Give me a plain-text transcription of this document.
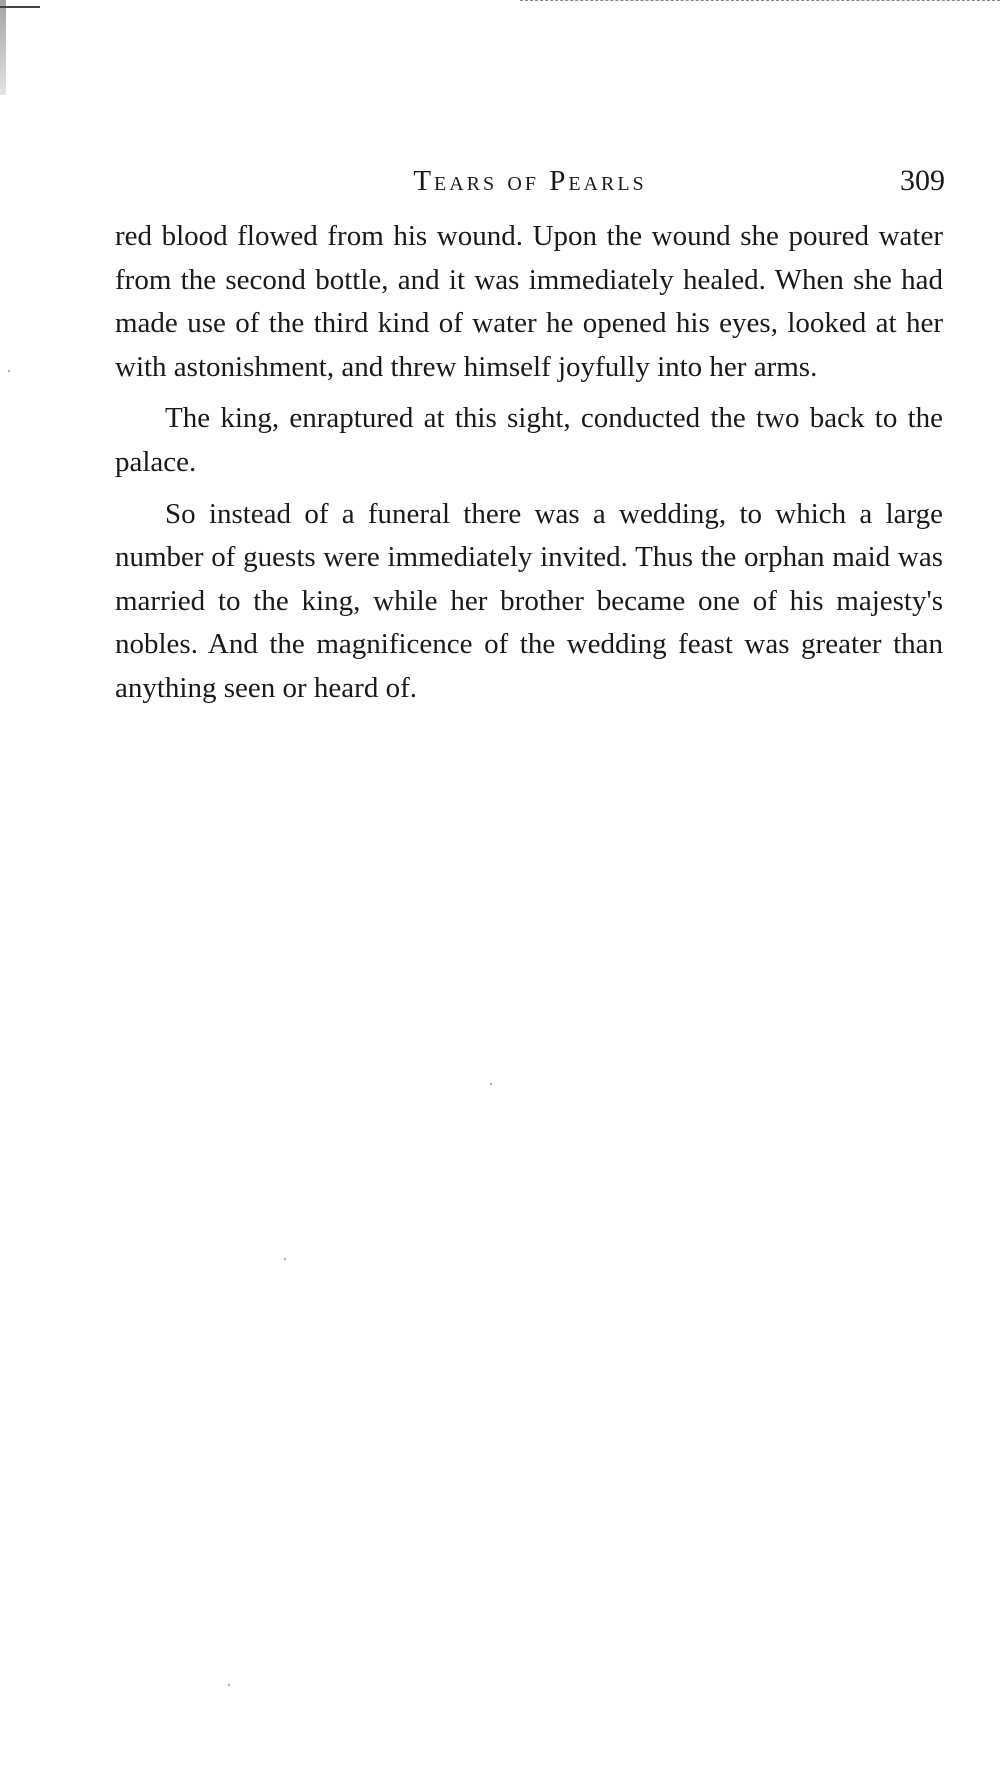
Tears of Pearls	309

red blood flowed from his wound. Upon the wound she poured water from the second bottle, and it was immediately healed. When she had made use of the third kind of water he opened his eyes, looked at her with astonishment, and threw himself joyfully into her arms.

The king, enraptured at this sight, conducted the two back to the palace.

So instead of a funeral there was a wedding, to which a large number of guests were immediately invited. Thus the orphan maid was married to the king, while her brother became one of his majesty's nobles. And the magnificence of the wedding feast was greater than anything seen or heard of.
